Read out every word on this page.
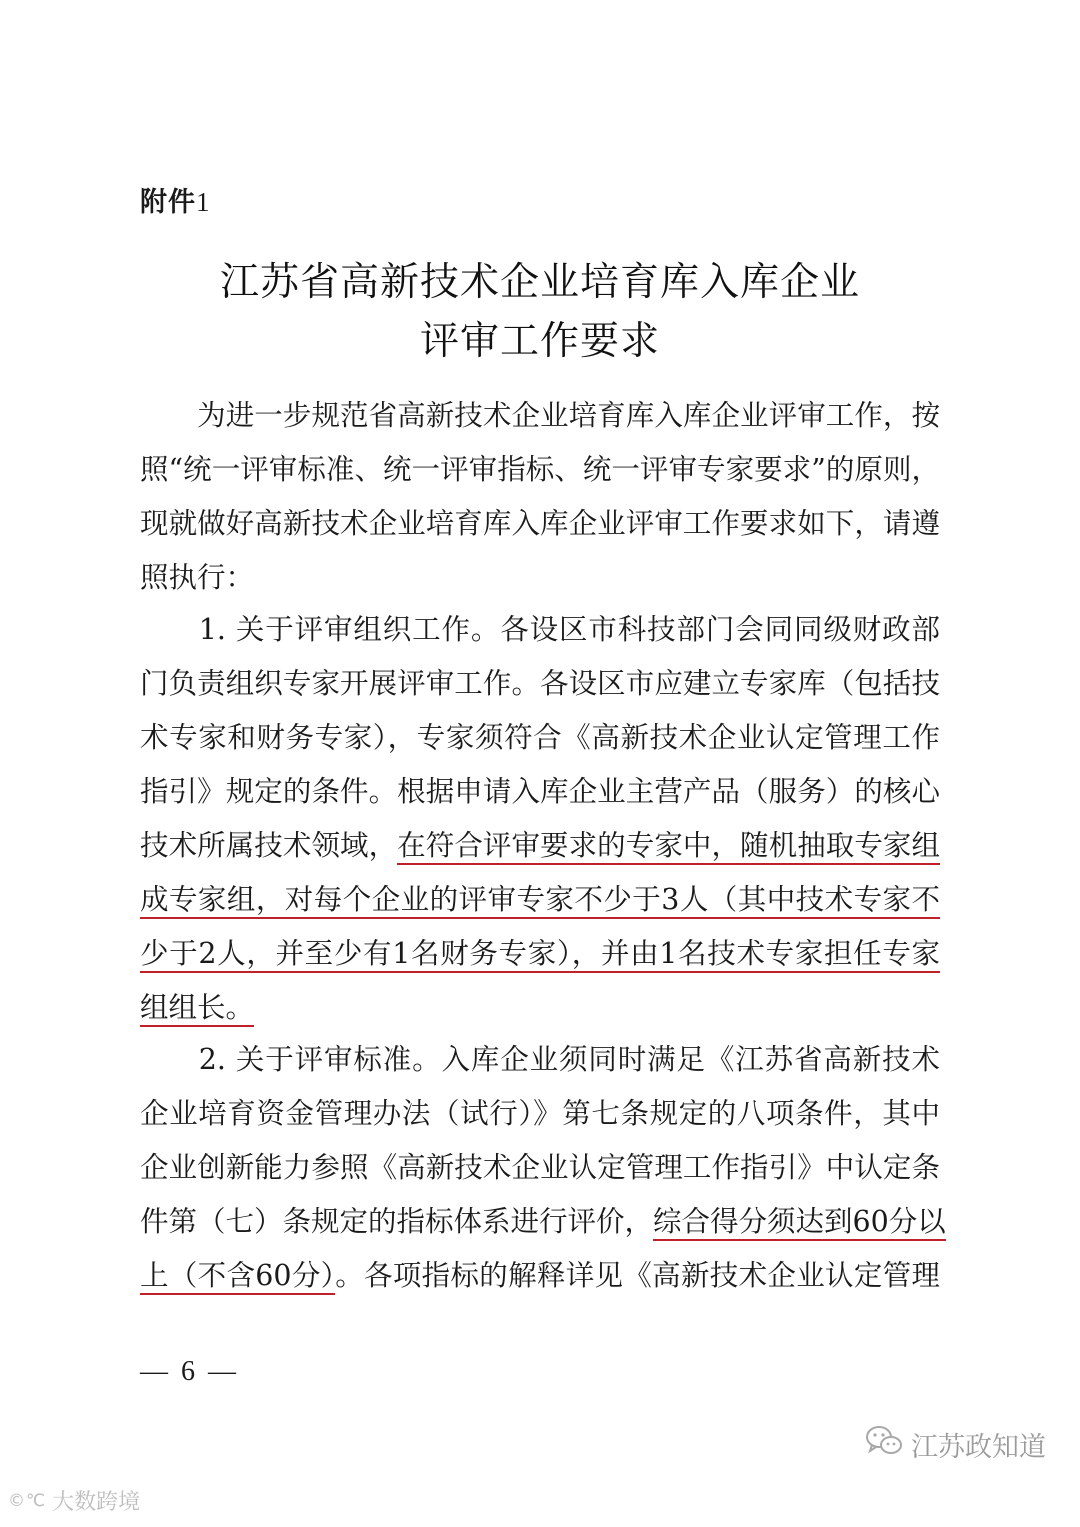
附件1
江苏省高新技术企业培育库入库企业
评审工作要求
　　为进一步规范省高新技术企业培育库入库企业评审工作，按
照“统一评审标准、统一评审指标、统一评审专家要求”的原则，
现就做好高新技术企业培育库入库企业评审工作要求如下，请遵
照执行：
　　1. 关于评审组织工作。各设区市科技部门会同同级财政部
门负责组织专家开展评审工作。各设区市应建立专家库（包括技
术专家和财务专家），专家须符合《高新技术企业认定管理工作
指引》规定的条件。根据申请入库企业主营产品（服务）的核心
技术所属技术领域，在符合评审要求的专家中，随机抽取专家组
成专家组，对每个企业的评审专家不少于3人（其中技术专家不
少于2人，并至少有1名财务专家），并由1名技术专家担任专家
组组长。
　　2. 关于评审标准。入库企业须同时满足《江苏省高新技术
企业培育资金管理办法（试行）》第七条规定的八项条件，其中
企业创新能力参照《高新技术企业认定管理工作指引》中认定条
件第（七）条规定的指标体系进行评价，综合得分须达到60分以
上（不含60分）。各项指标的解释详见《高新技术企业认定管理
— 6 —
江苏政知道
©℃ 大数跨境
